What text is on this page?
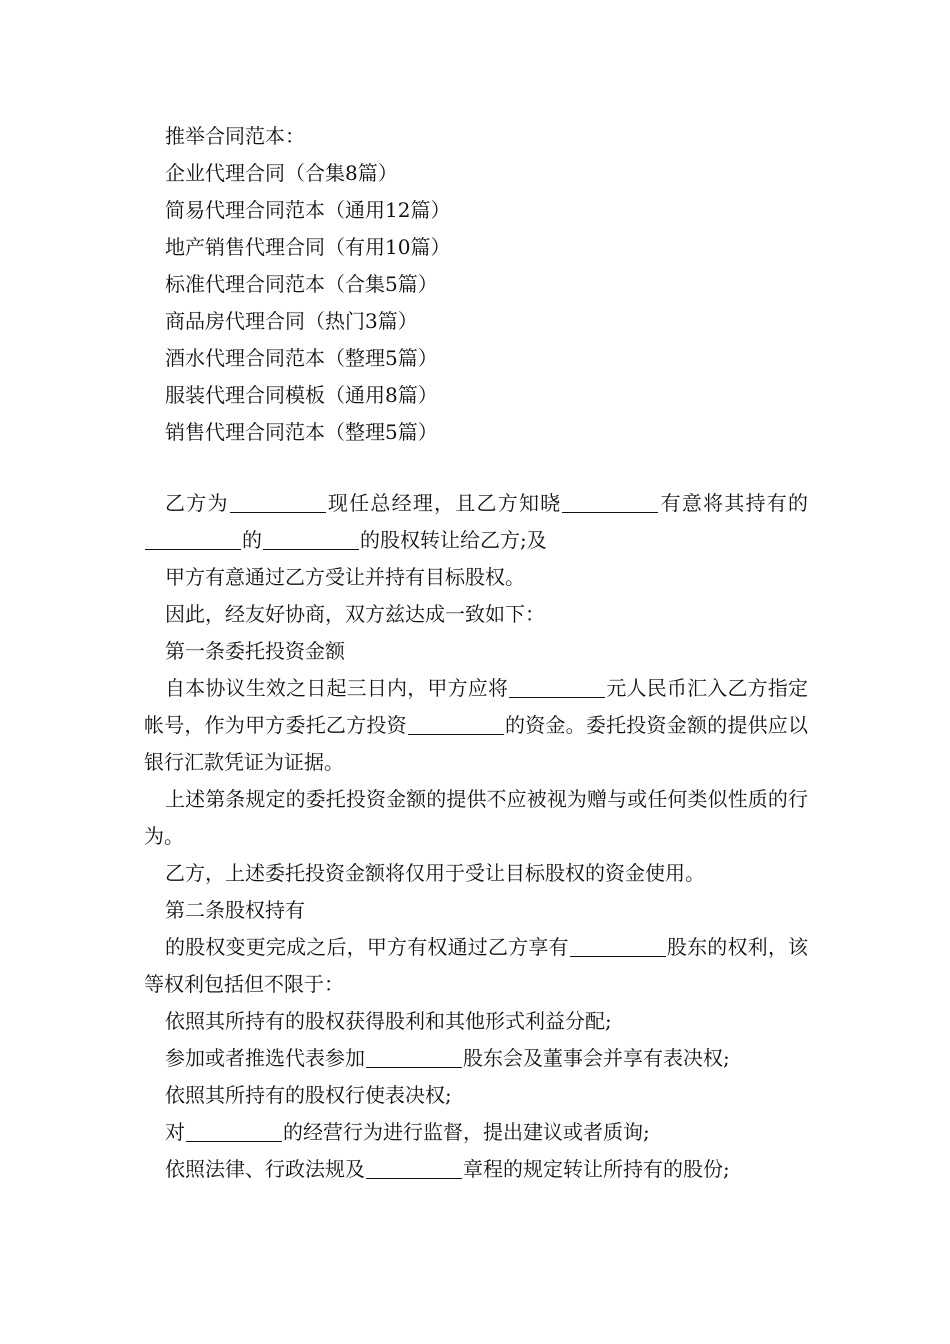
推举合同范本：
企业代理合同（合集8篇）
简易代理合同范本（通用12篇）
地产销售代理合同（有用10篇）
标准代理合同范本（合集5篇）
商品房代理合同（热门3篇）
酒水代理合同范本（整理5篇）
服装代理合同模板（通用8篇）
销售代理合同范本（整理5篇）

乙方为	现任总经理，且乙方知晓	有意将其持有的的	的股权转让给乙方;及

甲方有意通过乙方受让并持有目标股权。

因此，经友好协商，双方兹达成一致如下：

第一条委托投资金额

自本协议生效之日起三日内，甲方应将	元人民币汇入乙方指定帐号，作为甲方委托乙方投资	的资金。委托投资金额的提供应以银行汇款凭证为证据。

上述第条规定的委托投资金额的提供不应被视为赠与或任何类似性质的行为。

乙方，上述委托投资金额将仅用于受让目标股权的资金使用。

第二条股权持有

的股权变更完成之后，甲方有权通过乙方享有	股东的权利，该等权利包括但不限于：

依照其所持有的股权获得股利和其他形式利益分配;

参加或者推选代表参加	股东会及董事会并享有表决权;

依照其所持有的股权行使表决权;

对	的经营行为进行监督，提出建议或者质询;

依照法律、行政法规及	章程的规定转让所持有的股份;
